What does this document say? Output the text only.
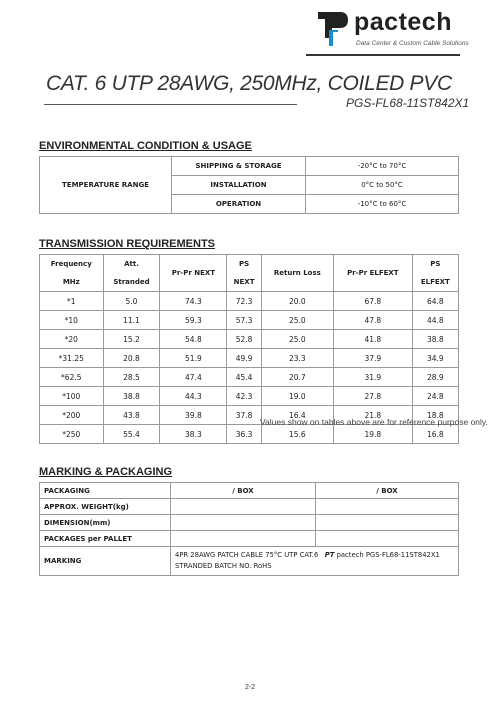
pactech
Data Center & Custom Cable Solutions
CAT. 6 UTP 28AWG, 250MHz, COILED PVC
PGS-FL68-11ST842X1
ENVIRONMENTAL CONDITION & USAGE
TEMPERATURE RANGE	SHIPPING & STORAGE	-20°C to 70°C
	INSTALLATION	0°C to 50°C
	OPERATION	-10°C to 60°C
TRANSMISSION REQUIREMENTS
Frequency	Att.	Pr-Pr NEXT	PS	Return Loss	Pr-Pr ELFEXT	PS
MHz	Stranded		NEXT			ELFEXT
*1	5.0	74.3	72.3	20.0	67.8	64.8
*10	11.1	59.3	57.3	25.0	47.8	44.8
*20	15.2	54.8	52.8	25.0	41.8	38.8
*31.25	20.8	51.9	49.9	23.3	37.9	34.9
*62.5	28.5	47.4	45.4	20.7	31.9	28.9
*100	38.8	44.3	42.3	19.0	27.8	24.8
*200	43.8	39.8	37.8	16.4	21.8	18.8
*250	55.4	38.3	36.3	15.6	19.8	16.8
Values show on tables above are for reference purpose only.
MARKING & PACKAGING
PACKAGING	/ BOX	/ BOX
APPROX. WEIGHT(kg)		
DIMENSION(mm)		
PACKAGES per PALLET		
MARKING	4PR 28AWG PATCH CABLE 75°C UTP CAT.6 PT pactech PGS-FL68-11ST842X1
STRANDED BATCH NO. RoHS	
2-2
